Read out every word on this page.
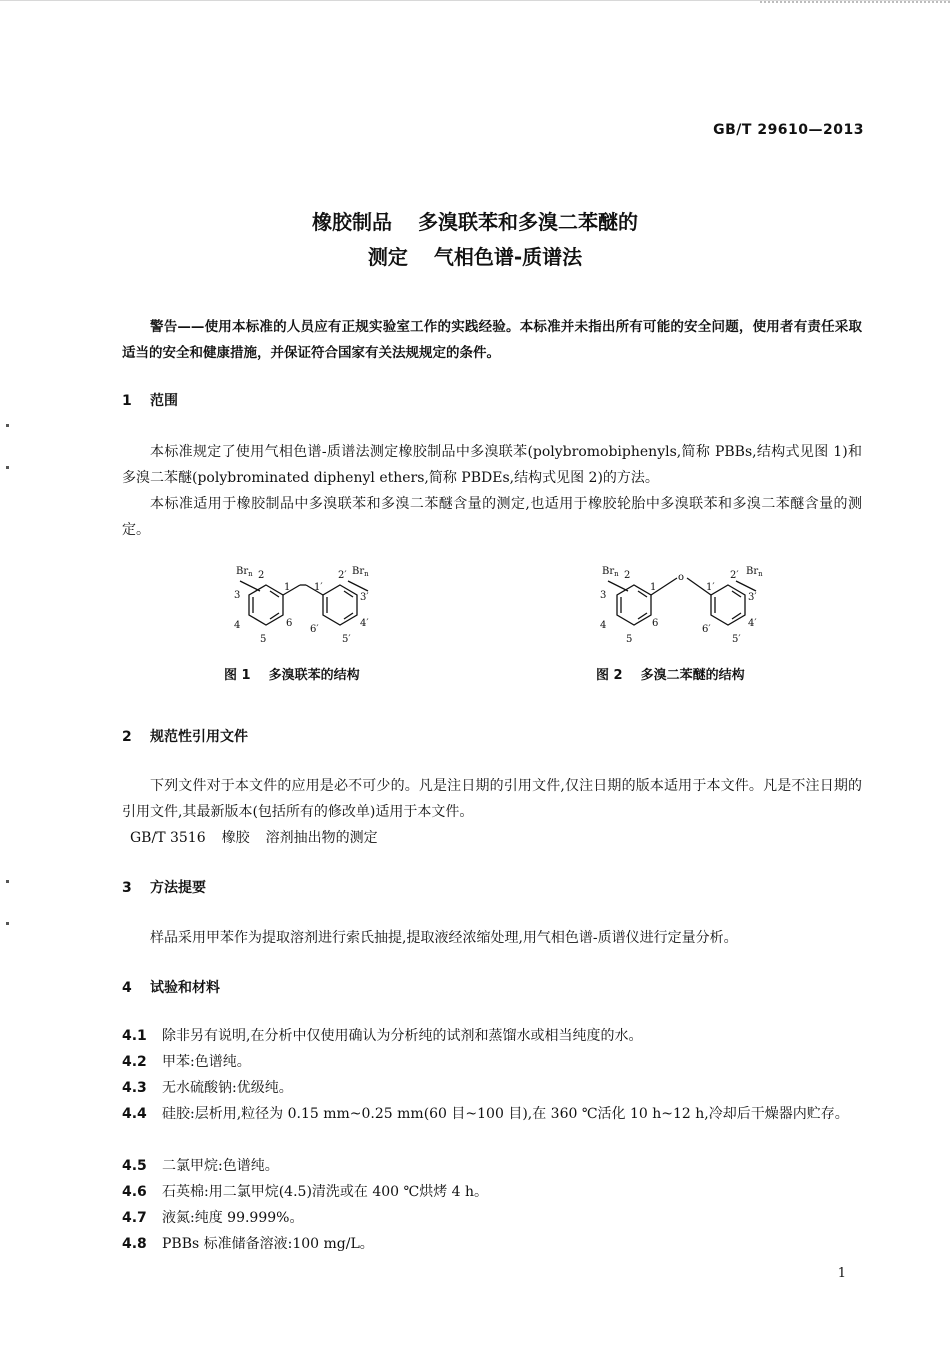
GB/T 29610—2013
橡胶制品 多溴联苯和多溴二苯醚的
测定 气相色谱-质谱法
警告——使用本标准的人员应有正规实验室工作的实践经验。本标准并未指出所有可能的安全问题，使用者有责任采取适当的安全和健康措施，并保证符合国家有关法规规定的条件。
1 范围
本标准规定了使用气相色谱-质谱法测定橡胶制品中多溴联苯(polybromobiphenyls,简称 PBBs,结构式见图 1)和多溴二苯醚(polybrominated diphenyl ethers,简称 PBDEs,结构式见图 2)的方法。
本标准适用于橡胶制品中多溴联苯和多溴二苯醚含量的测定,也适用于橡胶轮胎中多溴联苯和多溴二苯醚含量的测定。
$Br_n$ 2
1 1′
2′ $Br_n$
3	3′
4	4′
5	5′
6
6′
图 1 多溴联苯的结构
$Br_n$ 2	o
1	1′
2′ $Br_n$
3	3′
4	4′
5	5′
6
6′
图 2 多溴二苯醚的结构
2 规范性引用文件
下列文件对于本文件的应用是必不可少的。凡是注日期的引用文件,仅注日期的版本适用于本文件。凡是不注日期的引用文件,其最新版本(包括所有的修改单)适用于本文件。
GB/T 3516 橡胶 溶剂抽出物的测定
3 方法提要
样品采用甲苯作为提取溶剂进行索氏抽提,提取液经浓缩处理,用气相色谱-质谱仪进行定量分析。
4 试验和材料
4.1 除非另有说明,在分析中仅使用确认为分析纯的试剂和蒸馏水或相当纯度的水。
4.2 甲苯:色谱纯。
4.3 无水硫酸钠:优级纯。
4.4 硅胶:层析用,粒径为 0.15 mm~0.25 mm(60 目~100 目),在 360 ℃活化 10 h~12 h,冷却后干燥器内贮存。
4.5 二氯甲烷:色谱纯。
4.6 石英棉:用二氯甲烷(4.5)清洗或在 400 ℃烘烤 4 h。
4.7 液氮:纯度 99.999%。
4.8 PBBs 标准储备溶液:100 mg/L。
1
